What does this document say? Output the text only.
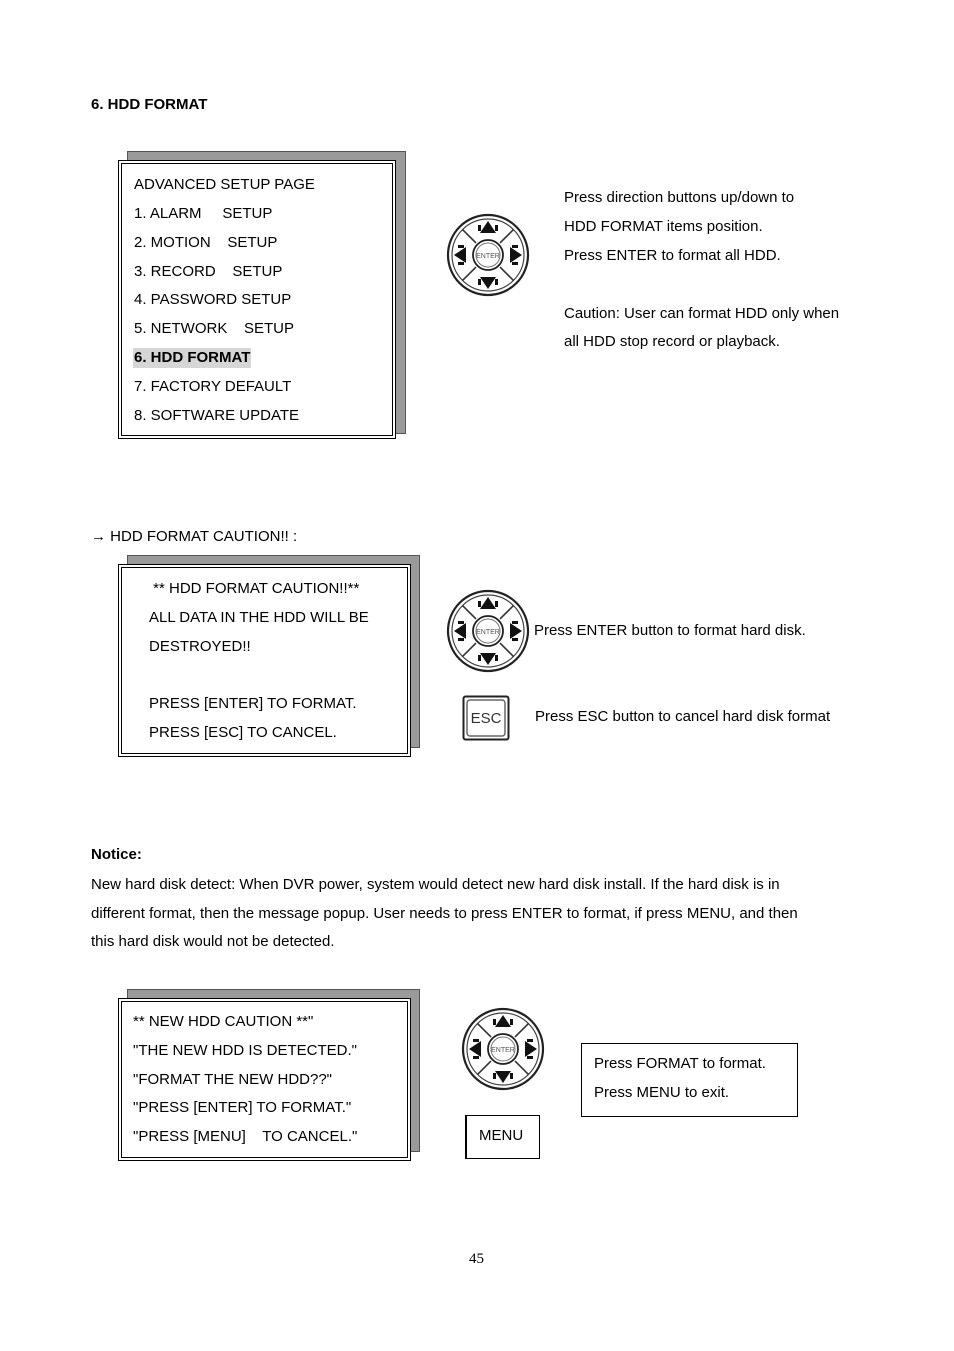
6. HDD FORMAT
ADVANCED SETUP PAGE
1. ALARM     SETUP
2. MOTION    SETUP
3. RECORD    SETUP
4. PASSWORD SETUP
5. NETWORK    SETUP
6. HDD FORMAT
7. FACTORY DEFAULT
8. SOFTWARE UPDATE
ENTER
Press direction buttons up/down to
HDD FORMAT items position.
Press ENTER to format all HDD.
Caution: User can format HDD only when
all HDD stop record or playback.
→ HDD FORMAT CAUTION!! :
** HDD FORMAT CAUTION!!**
ALL DATA IN THE HDD WILL BE
DESTROYED!!
PRESS [ENTER] TO FORMAT.
PRESS [ESC] TO CANCEL.
ENTER Press ENTER button to format hard disk.
ESC Press ESC button to cancel hard disk format
Notice:
New hard disk detect: When DVR power, system would detect new hard disk install. If the hard disk is in
different format, then the message popup. User needs to press ENTER to format, if press MENU, and then
this hard disk would not be detected.
** NEW HDD CAUTION **"
"THE NEW HDD IS DETECTED."
"FORMAT THE NEW HDD??"
"PRESS [ENTER] TO FORMAT."
"PRESS [MENU]    TO CANCEL."
ENTER
MENU
Press FORMAT to format.
Press MENU to exit.
45
